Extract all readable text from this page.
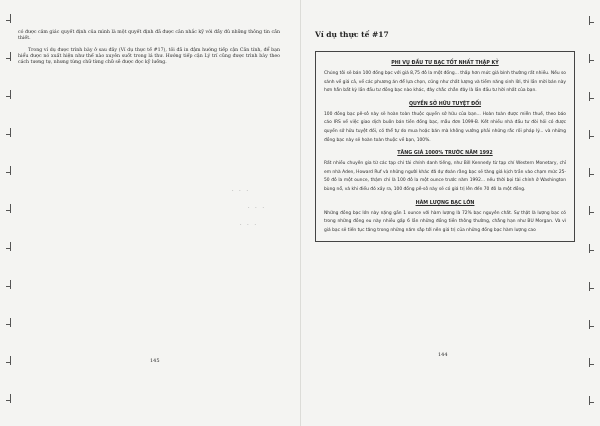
có được cảm giác quyết định của mình là một quyết định đã được cân nhắc kỹ với đầy đủ những thông tin cần thiết.

Trong ví dụ được trình bày ở sau đây (Ví dụ thực tế #17), tôi đã in đậm hướng tiếp cận Căn tính, để bạn hiểu được nó xuất hiện như thế nào xuyên suốt trong lá thư. Hướng tiếp cận Lý trí cũng được trình bày theo cách tương tự, nhưng từng chữ từng chữ sẽ được đọc kỹ lưỡng.

· · ·
· · ·
· · ·
145
Ví dụ thực tế #17
PHI VỤ ĐẦU TƯ BẠC TỐT NHẤT THẬP KỶ

Chúng tôi sẽ bán 100 đồng bạc với giá 8,75 đô la một đồng... thấp hơn mức giá bình thường rất nhiều. Nếu so sánh về giá cả, về các phương án để lựa chọn, cũng như chất lượng và tiềm năng sinh lời, thì lần mời bán này hơn hẳn bất kỳ lần đầu tư đồng bạc nào khác, đây chắc chắn đây là lần đầu tư hời nhất của bạn.

QUYỀN SỞ HỮU TUYỆT ĐỐI

100 đồng bạc pê-sô này sẽ hoàn toàn thuộc quyền sở hữu của bạn... Hoàn toàn được miễn thuế, theo báo cáo IRS về việc giao dịch buôn bán tiền đồng bạc, mẫu đơn 1099-B. Kết nhiều nhà đầu tư đòi hỏi có được quyền sở hữu tuyệt đối, có thể tự do mua hoặc bán mà không vướng phải những rắc rối pháp lý... và những đồng bạc này sẽ hoàn toàn thuộc về bạn, 100%.

TĂNG GIÁ 1000% TRƯỚC NĂM 1992

Rất nhiều chuyên gia từ các tạp chí tài chính danh tiếng, như Bill Kennedy từ tạp chí Western Monetary, chỉ em nhà Aden, Howard Ruf và những người khác đã dự đoán rằng bạc sẽ tăng giá kịch trần vào chạm mức 25-50 đô la một ounce, thậm chí là 100 đô la một ounce trước năm 1992... nếu thời bọi tài chính ở Washington bùng nổ, và khi điều đó xảy ra, 100 đồng pê-sô này sẽ có giá trị lên đến 70 đô la một đồng.

HÀM LƯỢNG BẠC LỚN

Những đồng bạc lớn này nặng gần 1 ounce với hàm lượng là 72% bạc nguyên chất. Sự thật là lượng bạc có trong những đồng eu này nhiều gấp 6 lần những đồng tiền thông thường, chẳng hạn như BU Morgan. Và vì giá bạc sẽ tiến tục tăng trong những năm sắp tới nên giá trị của những đồng bạc hàm lượng cao

144
